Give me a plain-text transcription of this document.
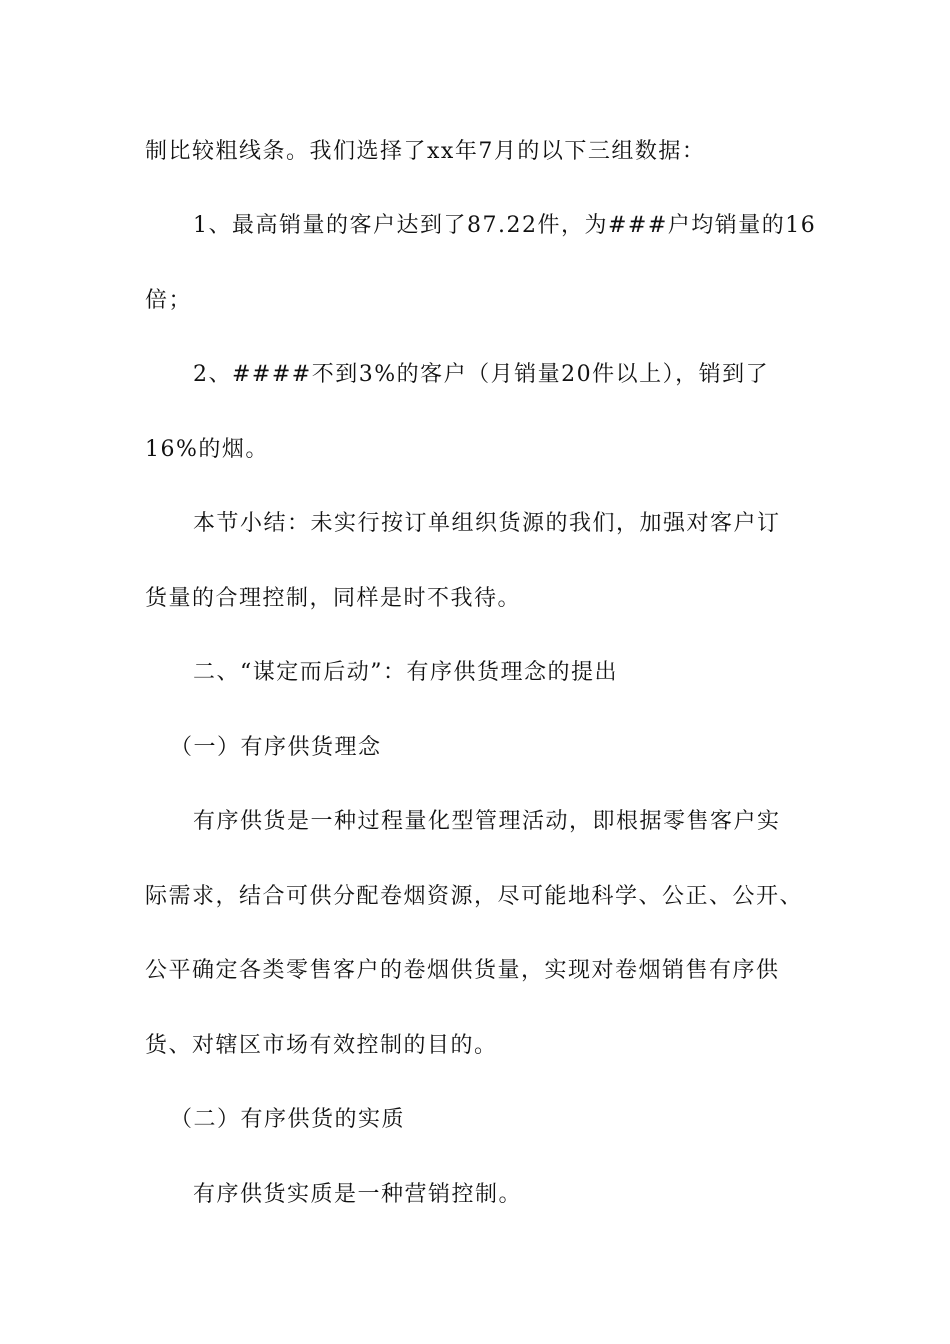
制比较粗线条。我们选择了xx年7月的以下三组数据：

1、最高销量的客户达到了87.22件，为###户均销量的16

倍；

2、####不到3%的客户（月销量20件以上），销到了

16%的烟。

本节小结：未实行按订单组织货源的我们，加强对客户订

货量的合理控制，同样是时不我待。

二、“谋定而后动”：有序供货理念的提出

（一）有序供货理念

有序供货是一种过程量化型管理活动，即根据零售客户实

际需求，结合可供分配卷烟资源，尽可能地科学、公正、公开、

公平确定各类零售客户的卷烟供货量，实现对卷烟销售有序供

货、对辖区市场有效控制的目的。

（二）有序供货的实质

有序供货实质是一种营销控制。
